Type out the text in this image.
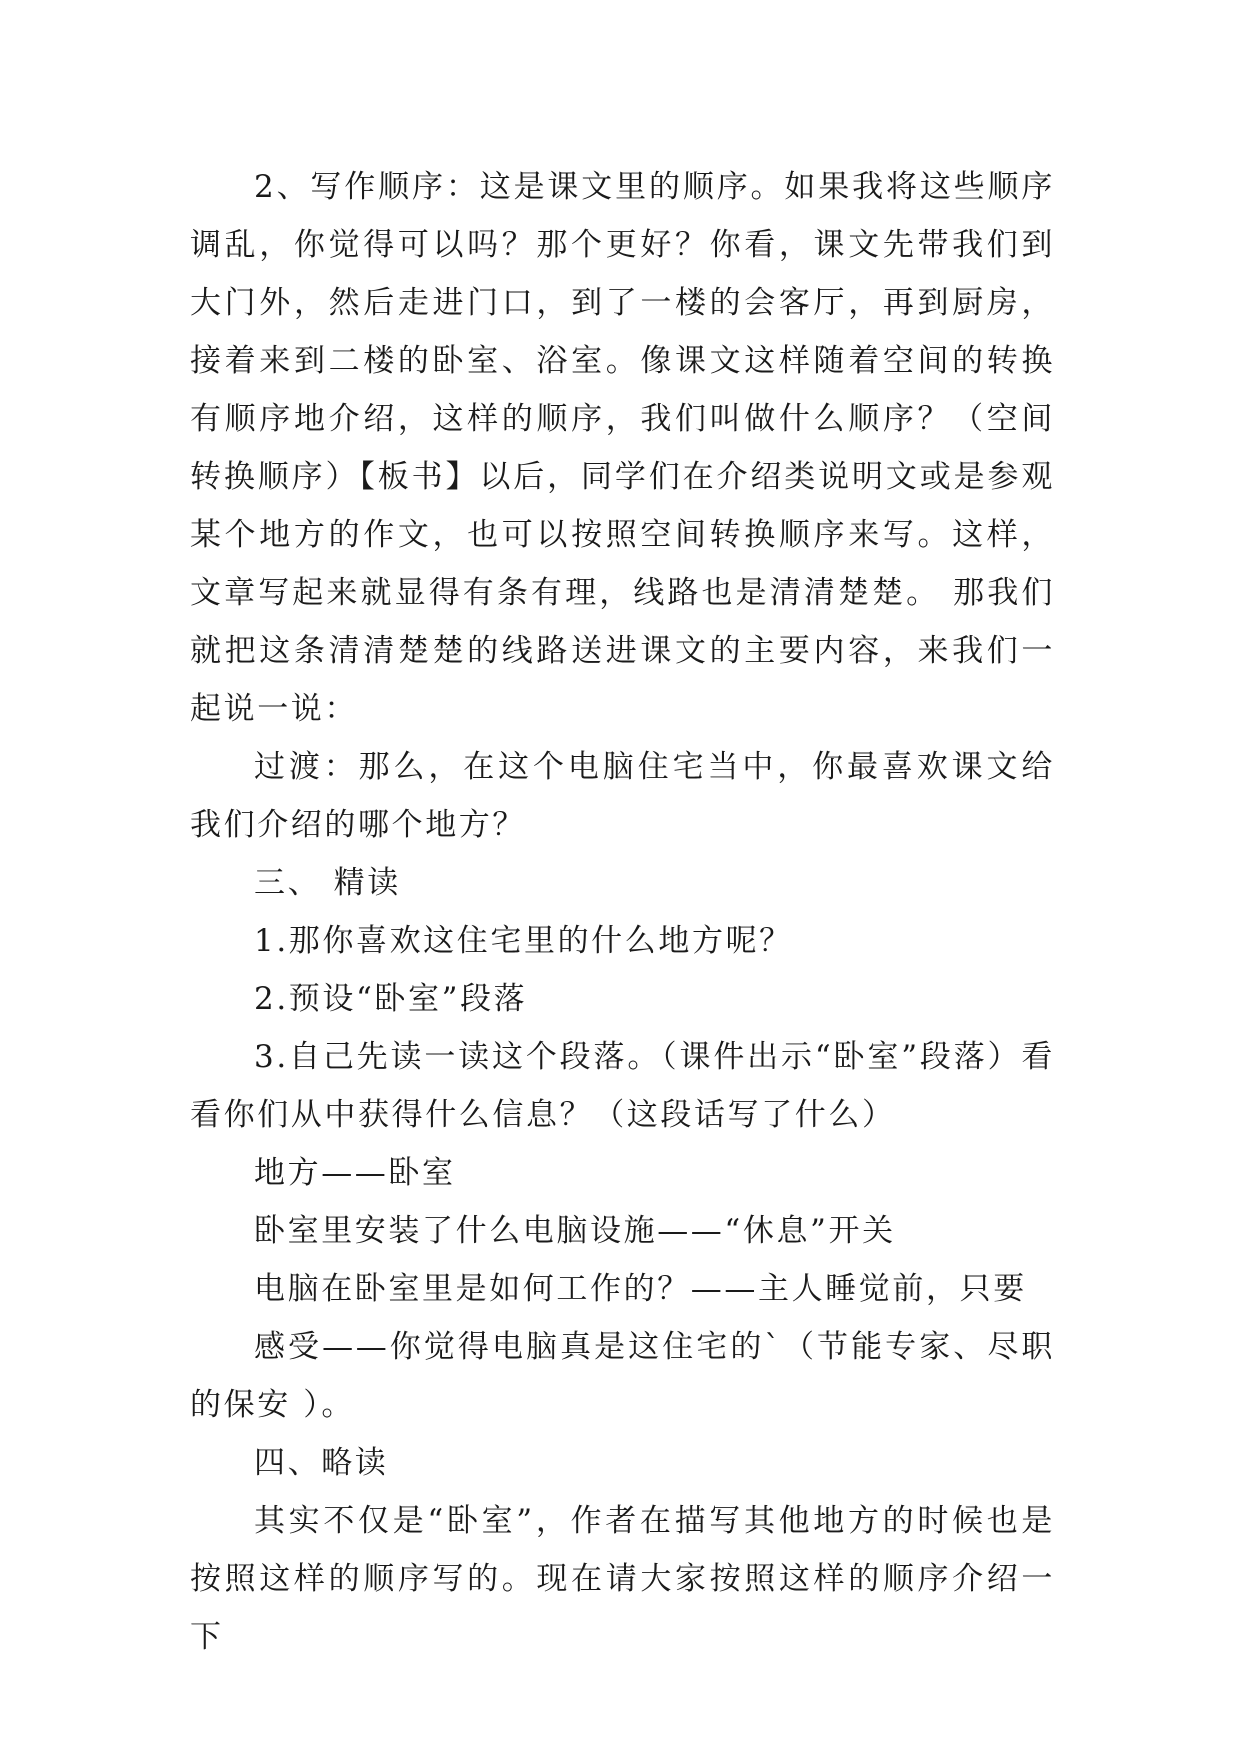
2、写作顺序：这是课文里的顺序。如果我将这些顺序调乱，你觉得可以吗？那个更好？你看，课文先带我们到大门外，然后走进门口，到了一楼的会客厅，再到厨房，接着来到二楼的卧室、浴室。像课文这样随着空间的转换有顺序地介绍，这样的顺序，我们叫做什么顺序？（空间转换顺序）【板书】以后，同学们在介绍类说明文或是参观某个地方的作文，也可以按照空间转换顺序来写。这样，文章写起来就显得有条有理，线路也是清清楚楚。 那我们就把这条清清楚楚的线路送进课文的主要内容，来我们一起说一说：

过渡：那么，在这个电脑住宅当中，你最喜欢课文给我们介绍的哪个地方？

三、 精读

1.那你喜欢这住宅里的什么地方呢？

2.预设“卧室”段落

3.自己先读一读这个段落。（课件出示“卧室”段落）看看你们从中获得什么信息？（这段话写了什么）

地方——卧室

卧室里安装了什么电脑设施——“休息”开关

电脑在卧室里是如何工作的？——主人睡觉前，只要

感受——你觉得电脑真是这住宅的`（节能专家、尽职的保安 ）。

四、略读

其实不仅是“卧室”，作者在描写其他地方的时候也是按照这样的顺序写的。现在请大家按照这样的顺序介绍一下
